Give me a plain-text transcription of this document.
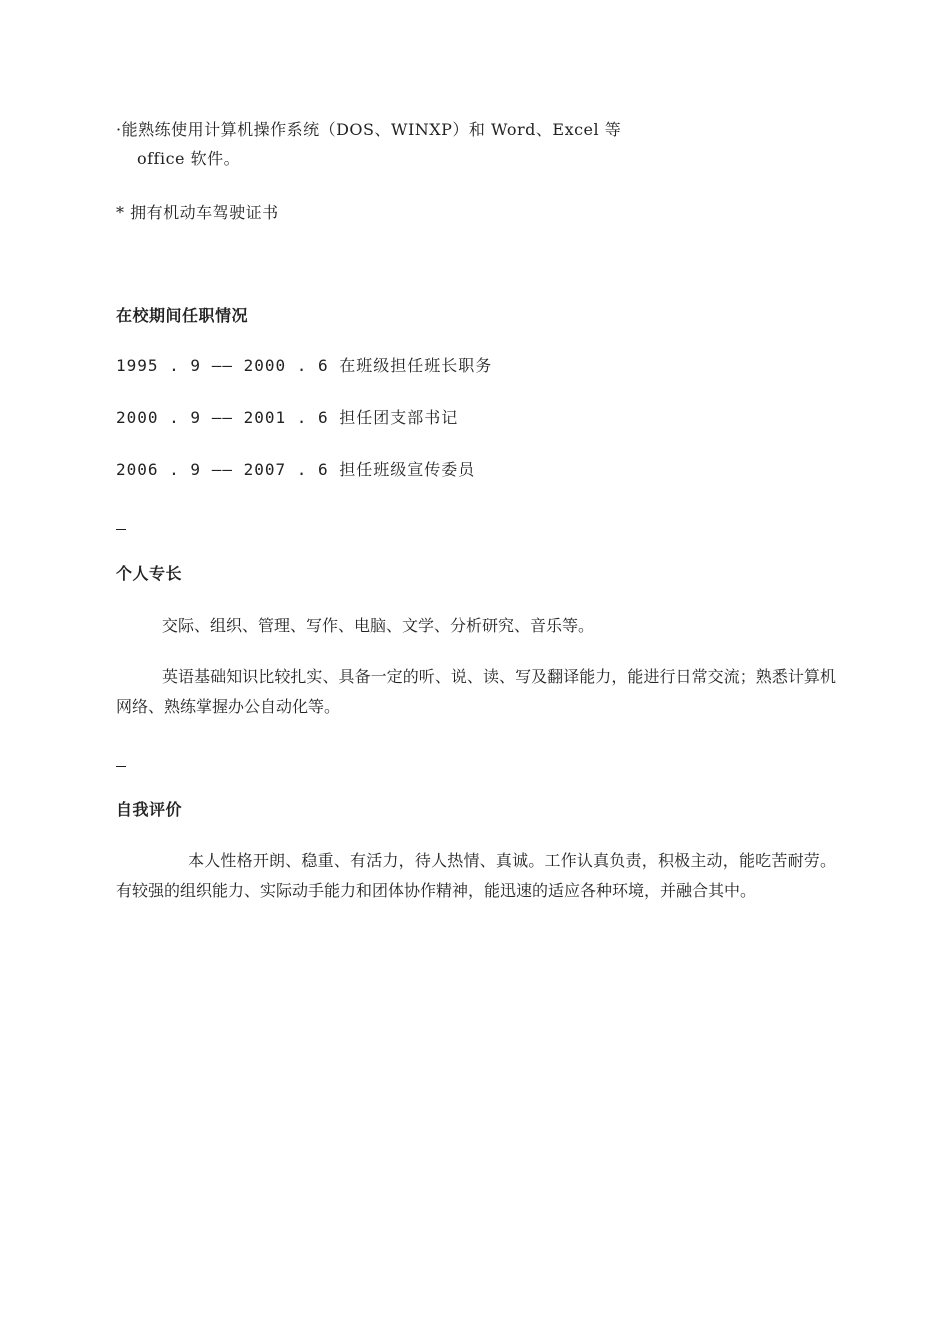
·能熟练使用计算机操作系统（DOS、WINXP）和 Word、Excel 等
office 软件。
* 拥有机动车驾驶证书
在校期间任职情况
1995 . 9 —— 2000 . 6 在班级担任班长职务
2000 . 9 —— 2001 . 6 担任团支部书记
2006 . 9 —— 2007 . 6 担任班级宣传委员
个人专长
交际、组织、管理、写作、电脑、文学、分析研究、音乐等。
英语基础知识比较扎实、具备一定的听、说、读、写及翻译能力，能进行日常交流；熟悉计算机网络、熟练掌握办公自动化等。
自我评价
本人性格开朗、稳重、有活力，待人热情、真诚。工作认真负责，积极主动，能吃苦耐劳。有较强的组织能力、实际动手能力和团体协作精神，能迅速的适应各种环境，并融合其中。
